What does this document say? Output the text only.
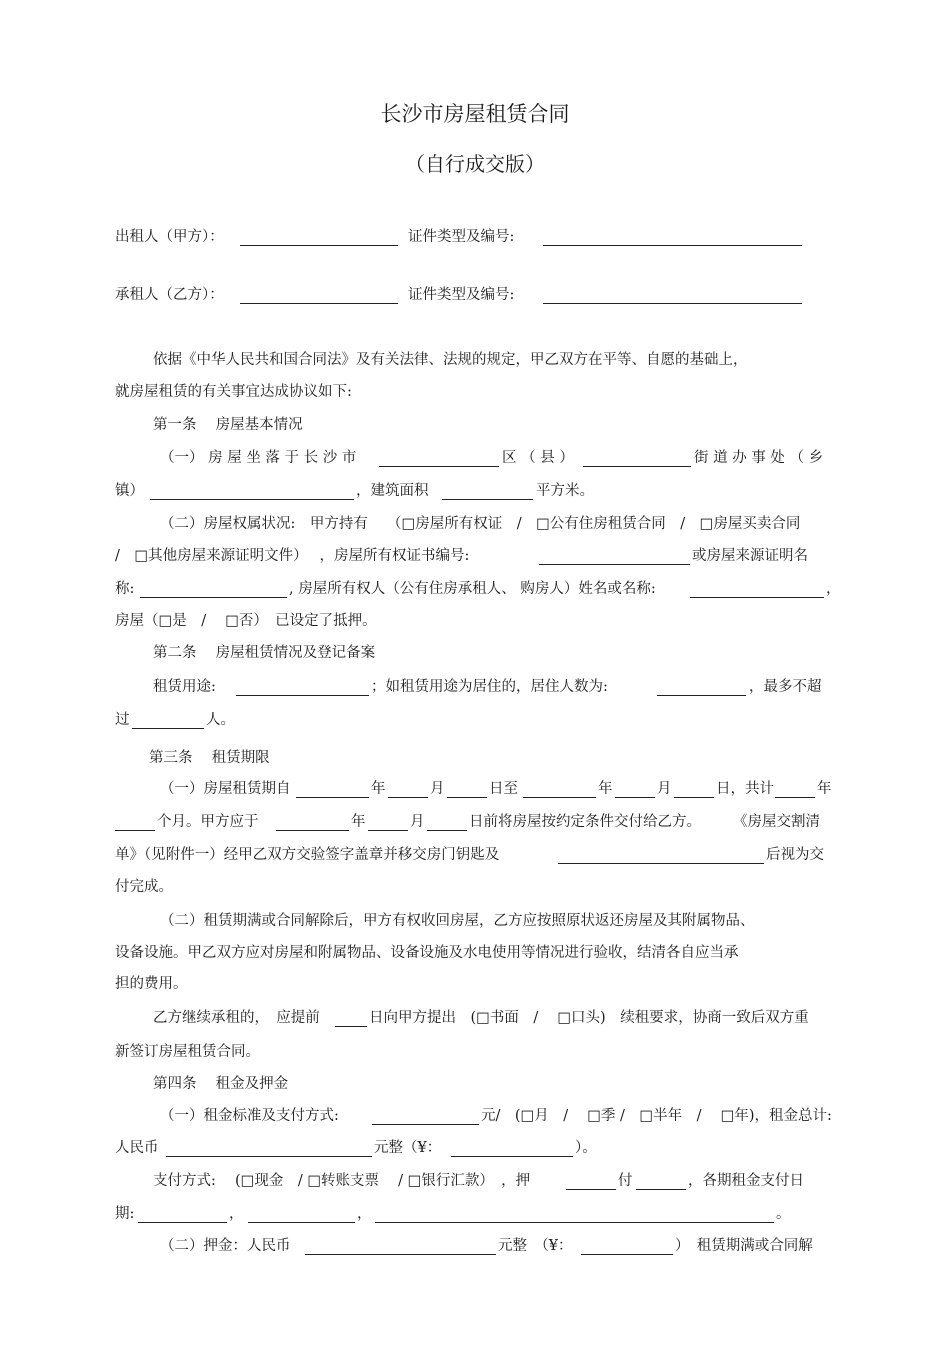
长沙市房屋租赁合同
（自行成交版）
出租人（甲方）：	证件类型及编号:
承租人（乙方）：	证件类型及编号:
依据《中华人民共和国合同法》及有关法律、法规的规定，甲乙双方在平等、自愿的基础上，
就房屋租赁的有关事宜达成协议如下:
第一条　 房屋基本情况
（一） 房 屋 坐 落 于 长 沙 市	区 （ 县 ）	街 道 办 事 处 （ 乡
镇）	，建筑面积	平方米。
（二）房屋权属状况:　甲方持有　 （□房屋所有权证　/　□公有住房租赁合同　/　□房屋买卖合同
/　□其他房屋来源证明文件）　 ，房屋所有权证书编号:	或房屋来源证明名
称:	, 房屋所有权人（公有住房承租人、 购房人）姓名或名称:	，
房屋（□是　/　 □否）　已设定了抵押。
第二条　 房屋租赁情况及登记备案
租赁用途:	；如租赁用途为居住的，居住人数为:	，最多不超
过	人。
第三条　 租赁期限
（一）房屋租赁期自	年	月	日至	年	月	日，共计	年
个月。甲方应于	年	月	日前将房屋按约定条件交付给乙方。 《房屋交割清
单》（见附件一）经甲乙双方交验签字盖章并移交房门钥匙及	后视为交
付完成。
（二）租赁期满或合同解除后，甲方有权收回房屋，乙方应按照原状返还房屋及其附属物品、
设备设施。甲乙双方应对房屋和附属物品、设备设施及水电使用等情况进行验收，结清各自应当承
担的费用。
乙方继续承租的，　应提前	日向甲方提出　(□书面　/　 □口头)　续租要求，协商一致后双方重
新签订房屋租赁合同。
第四条　 租金及押金
（一）租金标准及支付方式:	元/　(□月　/　 □季 /　□半年　/　 □年)，租金总计:
人民币	元整（¥：	）。
支付方式:　 (□现金　/ □转账支票　 / □银行汇款）　，押	付	，各期租金支付日
期:	，	，	。
（二）押金：人民币	元整　（¥：	）　租赁期满或合同解
